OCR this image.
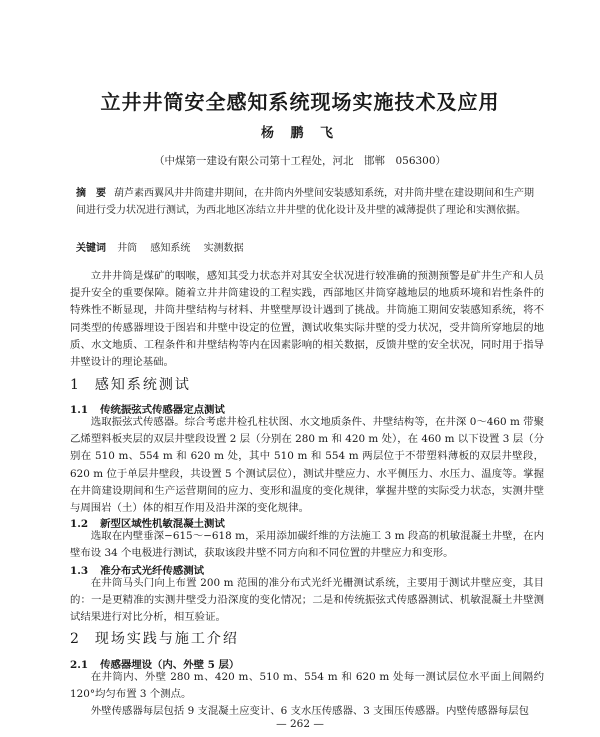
立井井筒安全感知系统现场实施技术及应用
杨 鹏 飞
（中煤第一建设有限公司第十工程处，河北　邯郸　056300）
摘　要 葫芦素西翼风井井筒建井期间，在井筒内外壁间安装感知系统，对井筒井壁在建设期间和生产期间进行受力状况进行测试，为西北地区冻结立井井壁的优化设计及井壁的减薄提供了理论和实测依据。
关键词 井筒 感知系统 实测数据

立井井筒是煤矿的咽喉，感知其受力状态并对其安全状况进行较准确的预测预警是矿井生产和人员提升安全的重要保障。随着立井井筒建设的工程实践，西部地区井筒穿越地层的地质环境和岩性条件的特殊性不断显现，井筒井壁结构与材料、井壁壁厚设计遇到了挑战。井筒施工期间安装感知系统，将不同类型的传感器埋设于图岩和井壁中设定的位置，测试收集实际井壁的受力状况，受井筒所穿地层的地质、水文地质、工程条件和井壁结构等内在因素影响的相关数据，反馈井壁的安全状况，同时用于指导井壁设计的理论基础。

1 感知系统测试
1.1 传统振弦式传感器定点测试

选取振弦式传感器。综合考虑井检孔柱状图、水文地质条件、井壁结构等，在井深 0～460 m 带聚乙烯塑料板夹层的双层井壁段设置 2 层（分别在 280 m 和 420 m 处），在 460 m 以下设置 3 层（分别在 510 m、554 m 和 620 m 处，其中 510 m 和 554 m 两层位于不带塑料薄板的双层井壁段，620 m 位于单层井壁段，共设置 5 个测试层位），测试井壁应力、水平侧压力、水压力、温度等。掌握在井筒建设期间和生产运营期间的应力、变形和温度的变化规律，掌握井壁的实际受力状态，实测井壁与周围岩（土）体的相互作用及沿井深的变化规律。

1.2 新型区域性机敏混凝土测试

选取在内壁垂深−615～−618 m，采用添加碳纤维的方法施工 3 m 段高的机敏混凝土井壁，在内壁布设 34 个电极进行测试，获取该段井壁不同方向和不同位置的井壁应力和变形。

1.3 准分布式光纤传感测试

在井筒马头门向上布置 200 m 范围的准分布式光纤光栅测试系统，主要用于测试井壁应变，其目的：一是更精准的实测井壁受力沿深度的变化情况；二是和传统振弦式传感器测试、机敏混凝土井壁测试结果进行对比分析，相互验证。

2 现场实践与施工介绍
2.1 传感器埋设（内、外壁 5 层）

在井筒内、外壁 280 m、420 m、510 m、554 m 和 620 m 处每一测试层位水平面上间隔约 120°均匀布置 3 个测点。

外壁传感器每层包括 9 支混凝土应变计、6 支水压传感器、3 支围压传感器。内壁传感器每层包

— 262 —
